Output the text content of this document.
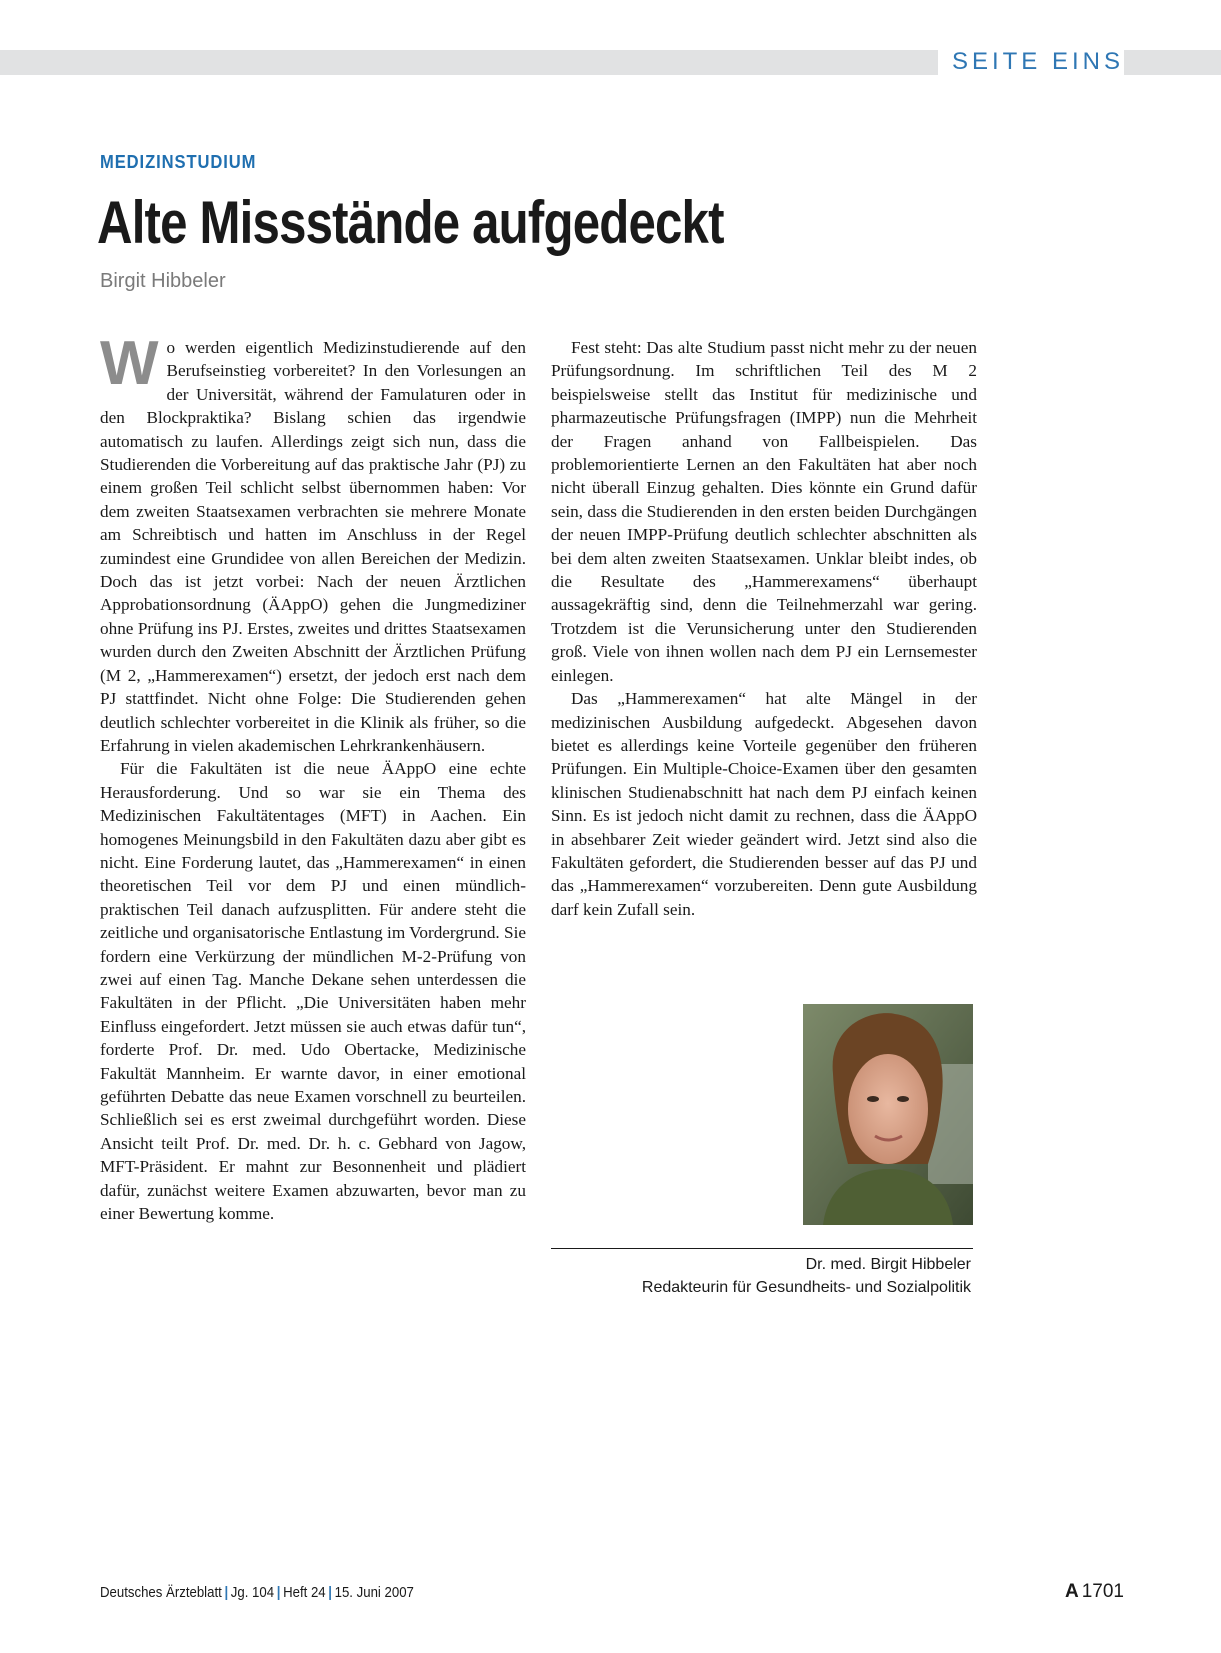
SEITE EINS
MEDIZINSTUDIUM
Alte Missstände aufgedeckt
Birgit Hibbeler

Wo werden eigentlich Medizinstudierende auf den Berufseinstieg vorbereitet? In den Vorlesungen an der Universität, während der Famulaturen oder in den Blockpraktika? Bislang schien das irgendwie automatisch zu laufen. Allerdings zeigt sich nun, dass die Studierenden die Vorbereitung auf das praktische Jahr (PJ) zu einem großen Teil schlicht selbst übernommen haben: Vor dem zweiten Staatsexamen verbrachten sie mehrere Monate am Schreibtisch und hatten im Anschluss in der Regel zumindest eine Grundidee von allen Bereichen der Medizin. Doch das ist jetzt vorbei: Nach der neuen Ärztlichen Approbationsordnung (ÄAppO) gehen die Jungmediziner ohne Prüfung ins PJ. Erstes, zweites und drittes Staatsexamen wurden durch den Zweiten Abschnitt der Ärztlichen Prüfung (M 2, „Hammerexamen“) ersetzt, der jedoch erst nach dem PJ stattfindet. Nicht ohne Folge: Die Studierenden gehen deutlich schlechter vorbereitet in die Klinik als früher, so die Erfahrung in vielen akademischen Lehrkrankenhäusern.

Für die Fakultäten ist die neue ÄAppO eine echte Herausforderung. Und so war sie ein Thema des Medizinischen Fakultätentages (MFT) in Aachen. Ein homogenes Meinungsbild in den Fakultäten dazu aber gibt es nicht. Eine Forderung lautet, das „Hammerexamen“ in einen theoretischen Teil vor dem PJ und einen mündlich-praktischen Teil danach aufzusplitten. Für andere steht die zeitliche und organisatorische Entlastung im Vordergrund. Sie fordern eine Verkürzung der mündlichen M-2-Prüfung von zwei auf einen Tag. Manche Dekane sehen unterdessen die Fakultäten in der Pflicht. „Die Universitäten haben mehr Einfluss eingefordert. Jetzt müssen sie auch etwas dafür tun“, forderte Prof. Dr. med. Udo Obertacke, Medizinische Fakultät Mannheim. Er warnte davor, in einer emotional geführten Debatte das neue Examen vorschnell zu beurteilen. Schließlich sei es erst zweimal durchgeführt worden. Diese Ansicht teilt Prof. Dr. med. Dr. h. c. Gebhard von Jagow, MFT-Präsident. Er mahnt zur Besonnenheit und plädiert dafür, zunächst weitere Examen abzuwarten, bevor man zu einer Bewertung komme.

Fest steht: Das alte Studium passt nicht mehr zu der neuen Prüfungsordnung. Im schriftlichen Teil des M 2 beispielsweise stellt das Institut für medizinische und pharmazeutische Prüfungsfragen (IMPP) nun die Mehrheit der Fragen anhand von Fallbeispielen. Das problemorientierte Lernen an den Fakultäten hat aber noch nicht überall Einzug gehalten. Dies könnte ein Grund dafür sein, dass die Studierenden in den ersten beiden Durchgängen der neuen IMPP-Prüfung deutlich schlechter abschnitten als bei dem alten zweiten Staatsexamen. Unklar bleibt indes, ob die Resultate des „Hammerexamens“ überhaupt aussagekräftig sind, denn die Teilnehmerzahl war gering. Trotzdem ist die Verunsicherung unter den Studierenden groß. Viele von ihnen wollen nach dem PJ ein Lernsemester einlegen.

Das „Hammerexamen“ hat alte Mängel in der medizinischen Ausbildung aufgedeckt. Abgesehen davon bietet es allerdings keine Vorteile gegenüber den früheren Prüfungen. Ein Multiple-Choice-Examen über den gesamten klinischen Studienabschnitt hat nach dem PJ einfach keinen Sinn. Es ist jedoch nicht damit zu rechnen, dass die ÄAppO in absehbarer Zeit wieder geändert wird. Jetzt sind also die Fakultäten gefordert, die Studierenden besser auf das PJ und das „Hammerexamen“ vorzubereiten. Denn gute Ausbildung darf kein Zufall sein.

Dr. med. Birgit Hibbeler
Redakteurin für Gesundheits- und Sozialpolitik
Deutsches Ärzteblatt | Jg. 104 | Heft 24 | 15. Juni 2007	A 1701
